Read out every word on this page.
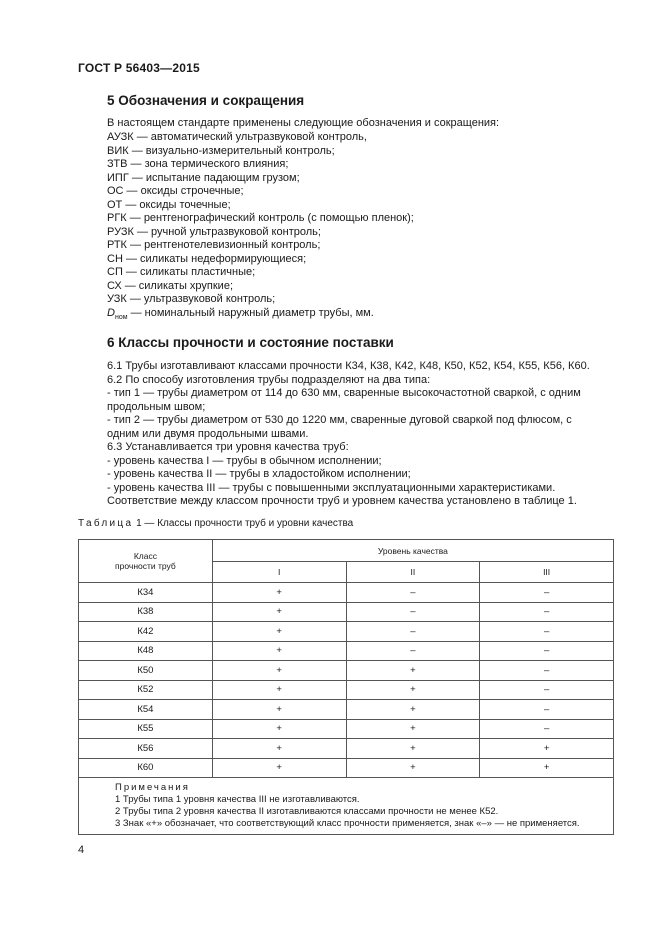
ГОСТ Р 56403—2015
5 Обозначения и сокращения
В настоящем стандарте применены следующие обозначения и сокращения:
АУЗК — автоматический ультразвуковой контроль,
ВИК — визуально-измерительный контроль;
ЗТВ — зона термического влияния;
ИПГ — испытание падающим грузом;
ОС — оксиды строчечные;
ОТ — оксиды точечные;
РГК — рентгенографический контроль (с помощью пленок);
РУЗК — ручной ультразвуковой контроль;
РТК — рентгенотелевизионный контроль;
СН — силикаты недеформирующиеся;
СП — силикаты пластичные;
СХ — силикаты хрупкие;
УЗК — ультразвуковой контроль;
$D_{ном}$ — номинальный наружный диаметр трубы, мм.
6 Классы прочности и состояние поставки
6.1 Трубы изготавливают классами прочности К34, К38, К42, К48, К50, К52, К54, К55, К56, К60.
6.2 По способу изготовления трубы подразделяют на два типа:
- тип 1 — трубы диаметром от 114 до 630 мм, сваренные высокочастотной сваркой, с одним продольным швом;
- тип 2 — трубы диаметром от 530 до 1220 мм, сваренные дуговой сваркой под флюсом, с одним или двумя продольными швами.
6.3 Устанавливается три уровня качества труб:
- уровень качества I — трубы в обычном исполнении;
- уровень качества II — трубы в хладостойком исполнении;
- уровень качества III — трубы с повышенными эксплуатационными характеристиками.
Соответствие между классом прочности труб и уровнем качества установлено в таблице 1.
Таблица 1 — Классы прочности труб и уровни качества
Класс
прочности труб	Уровень качества		
	I	II	III
К34	+	–	–
К38	+	–	–
К42	+	–	–
К48	+	–	–
К50	+	+	–
К52	+	+	–
К54	+	+	–
К55	+	+	–
К56	+	+	+
К60	+	+	+

Примечания
1 Трубы типа 1 уровня качества III не изготавливаются.
2 Трубы типа 2 уровня качества II изготавливаются классами прочности не менее К52.
3 Знак «+» обозначает, что соответствующий класс прочности применяется, знак «–» — не применяется.			
4
